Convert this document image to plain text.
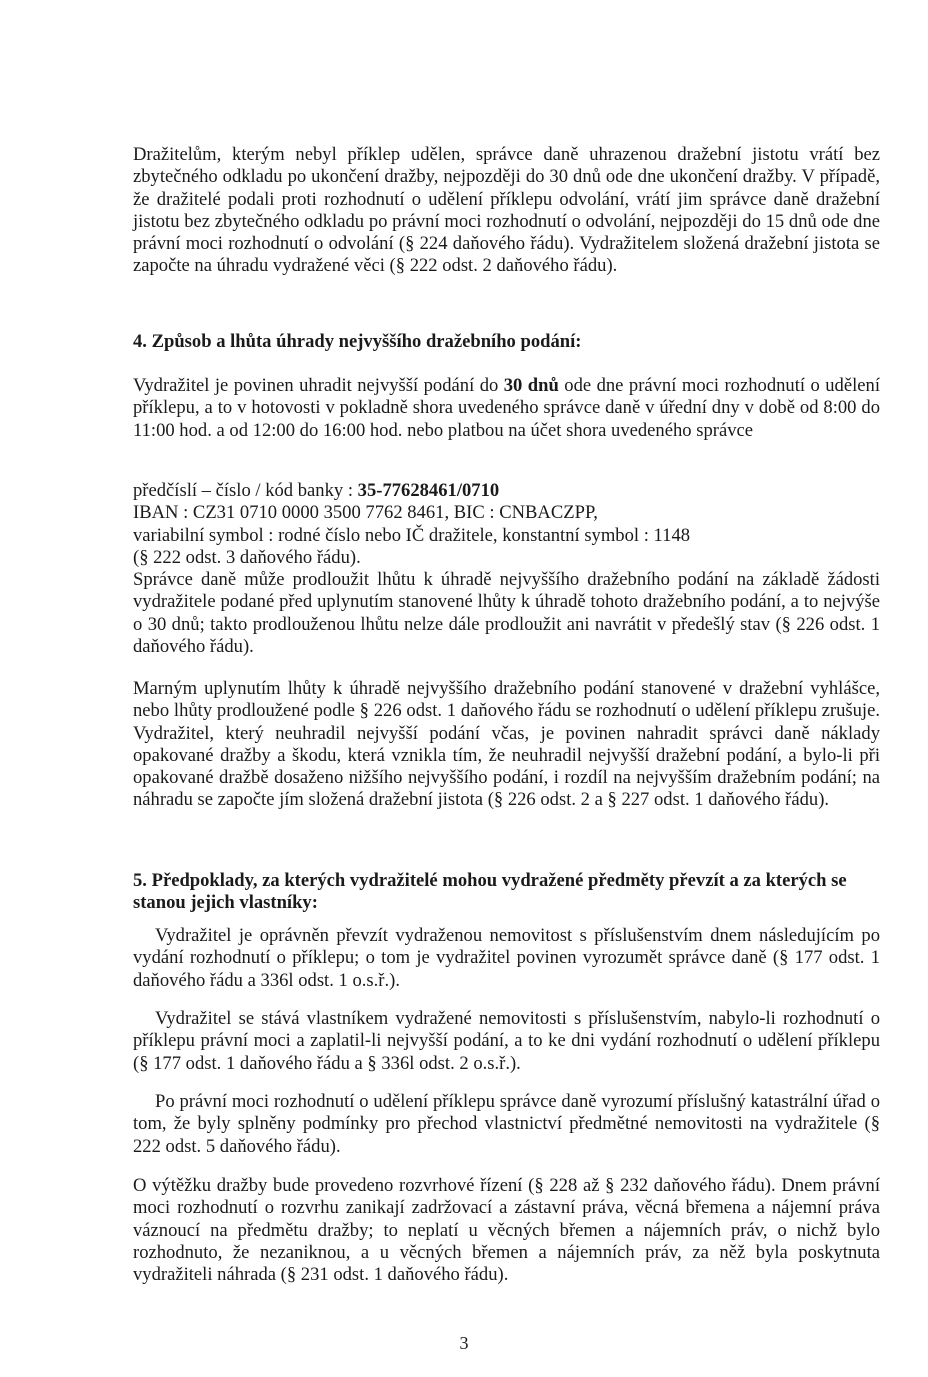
Dražitelům, kterým nebyl příklep udělen, správce daně uhrazenou dražební jistotu vrátí bez zbytečného odkladu po ukončení dražby, nejpozději do 30 dnů ode dne ukončení dražby. V případě, že dražitelé podali proti rozhodnutí o udělení příklepu odvolání, vrátí jim správce daně dražební jistotu bez zbytečného odkladu po právní moci rozhodnutí o odvolání, nejpozději do 15 dnů ode dne právní moci rozhodnutí o odvolání (§ 224 daňového řádu). Vydražitelem složená dražební jistota se započte na úhradu vydražené věci (§ 222 odst. 2 daňového řádu).

4. Způsob a lhůta úhrady nejvyššího dražebního podání:

Vydražitel je povinen uhradit nejvyšší podání do 30 dnů ode dne právní moci rozhodnutí o udělení příklepu, a to v hotovosti v pokladně shora uvedeného správce daně v úřední dny v době od 8:00 do 11:00 hod. a od 12:00 do 16:00 hod. nebo platbou na účet shora uvedeného správce

předčíslí – číslo / kód banky : 35-77628461/0710
IBAN : CZ31 0710 0000 3500 7762 8461, BIC : CNBACZPP,
variabilní symbol : rodné číslo nebo IČ dražitele, konstantní symbol : 1148
(§ 222 odst. 3 daňového řádu).

Správce daně může prodloužit lhůtu k úhradě nejvyššího dražebního podání na základě žádosti vydražitele podané před uplynutím stanovené lhůty k úhradě tohoto dražebního podání, a to nejvýše o 30 dnů; takto prodlouženou lhůtu nelze dále prodloužit ani navrátit v předešlý stav (§ 226 odst. 1 daňového řádu).

Marným uplynutím lhůty k úhradě nejvyššího dražebního podání stanovené v dražební vyhlášce, nebo lhůty prodloužené podle § 226 odst. 1 daňového řádu se rozhodnutí o udělení příklepu zrušuje. Vydražitel, který neuhradil nejvyšší podání včas, je povinen nahradit správci daně náklady opakované dražby a škodu, která vznikla tím, že neuhradil nejvyšší dražební podání, a bylo-li při opakované dražbě dosaženo nižšího nejvyššího podání, i rozdíl na nejvyšším dražebním podání; na náhradu se započte jím složená dražební jistota (§ 226 odst. 2 a § 227 odst. 1 daňového řádu).

5. Předpoklady, za kterých vydražitelé mohou vydražené předměty převzít a za kterých se stanou jejich vlastníky:

Vydražitel je oprávněn převzít vydraženou nemovitost s příslušenstvím dnem následujícím po vydání rozhodnutí o příklepu; o tom je vydražitel povinen vyrozumět správce daně (§ 177 odst. 1 daňového řádu a 336l odst. 1 o.s.ř.).

Vydražitel se stává vlastníkem vydražené nemovitosti s příslušenstvím, nabylo-li rozhodnutí o příklepu právní moci a zaplatil-li nejvyšší podání, a to ke dni vydání rozhodnutí o udělení příklepu (§ 177 odst. 1 daňového řádu a § 336l odst. 2 o.s.ř.).

Po právní moci rozhodnutí o udělení příklepu správce daně vyrozumí příslušný katastrální úřad o tom, že byly splněny podmínky pro přechod vlastnictví předmětné nemovitosti na vydražitele (§ 222 odst. 5 daňového řádu).

O výtěžku dražby bude provedeno rozvrhové řízení (§ 228 až § 232 daňového řádu). Dnem právní moci rozhodnutí o rozvrhu zanikají zadržovací a zástavní práva, věcná břemena a nájemní práva váznoucí na předmětu dražby; to neplatí u věcných břemen a nájemních práv, o nichž bylo rozhodnuto, že nezaniknou, a u věcných břemen a nájemních práv, za něž byla poskytnuta vydražiteli náhrada (§ 231 odst. 1 daňového řádu).

3
